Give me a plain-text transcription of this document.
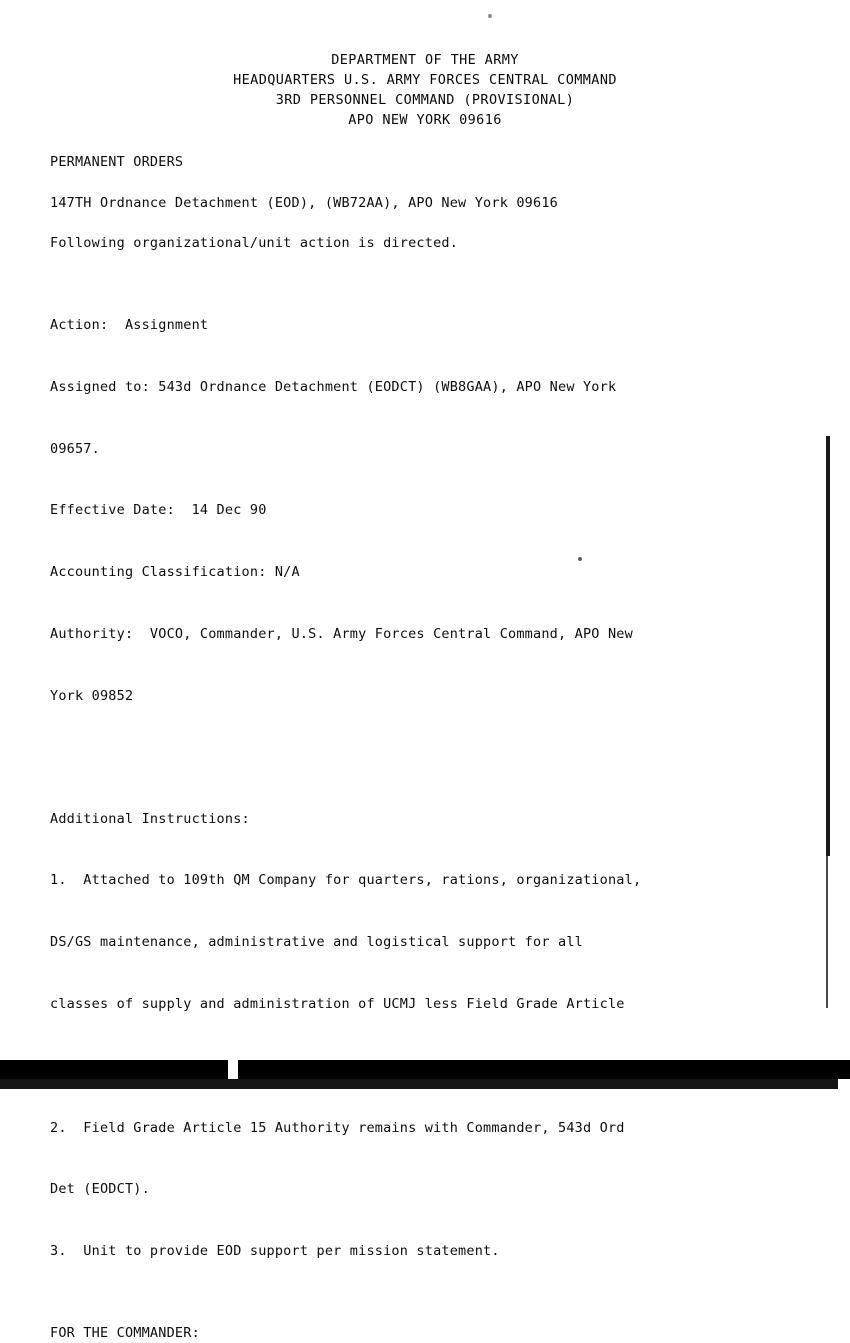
DEPARTMENT OF THE ARMY
HEADQUARTERS U.S. ARMY FORCES CENTRAL COMMAND
3RD PERSONNEL COMMAND (PROVISIONAL)
APO NEW YORK 09616
PERMANENT ORDERS
147TH Ordnance Detachment (EOD), (WB72AA), APO New York 09616
Following organizational/unit action is directed.

Action:  Assignment

Assigned to: 543d Ordnance Detachment (EODCT) (WB8GAA), APO New York

09657.

Effective Date:  14 Dec 90

Accounting Classification: N/A

Authority:  VOCO, Commander, U.S. Army Forces Central Command, APO New

York 09852

Additional Instructions:

1.  Attached to 109th QM Company for quarters, rations, organizational,

DS/GS maintenance, administrative and logistical support for all

classes of supply and administration of UCMJ less Field Grade Article

2.  Field Grade Article 15 Authority remains with Commander, 543d Ord

Det (EODCT).

3.  Unit to provide EOD support per mission statement.

FOR THE COMMANDER:
